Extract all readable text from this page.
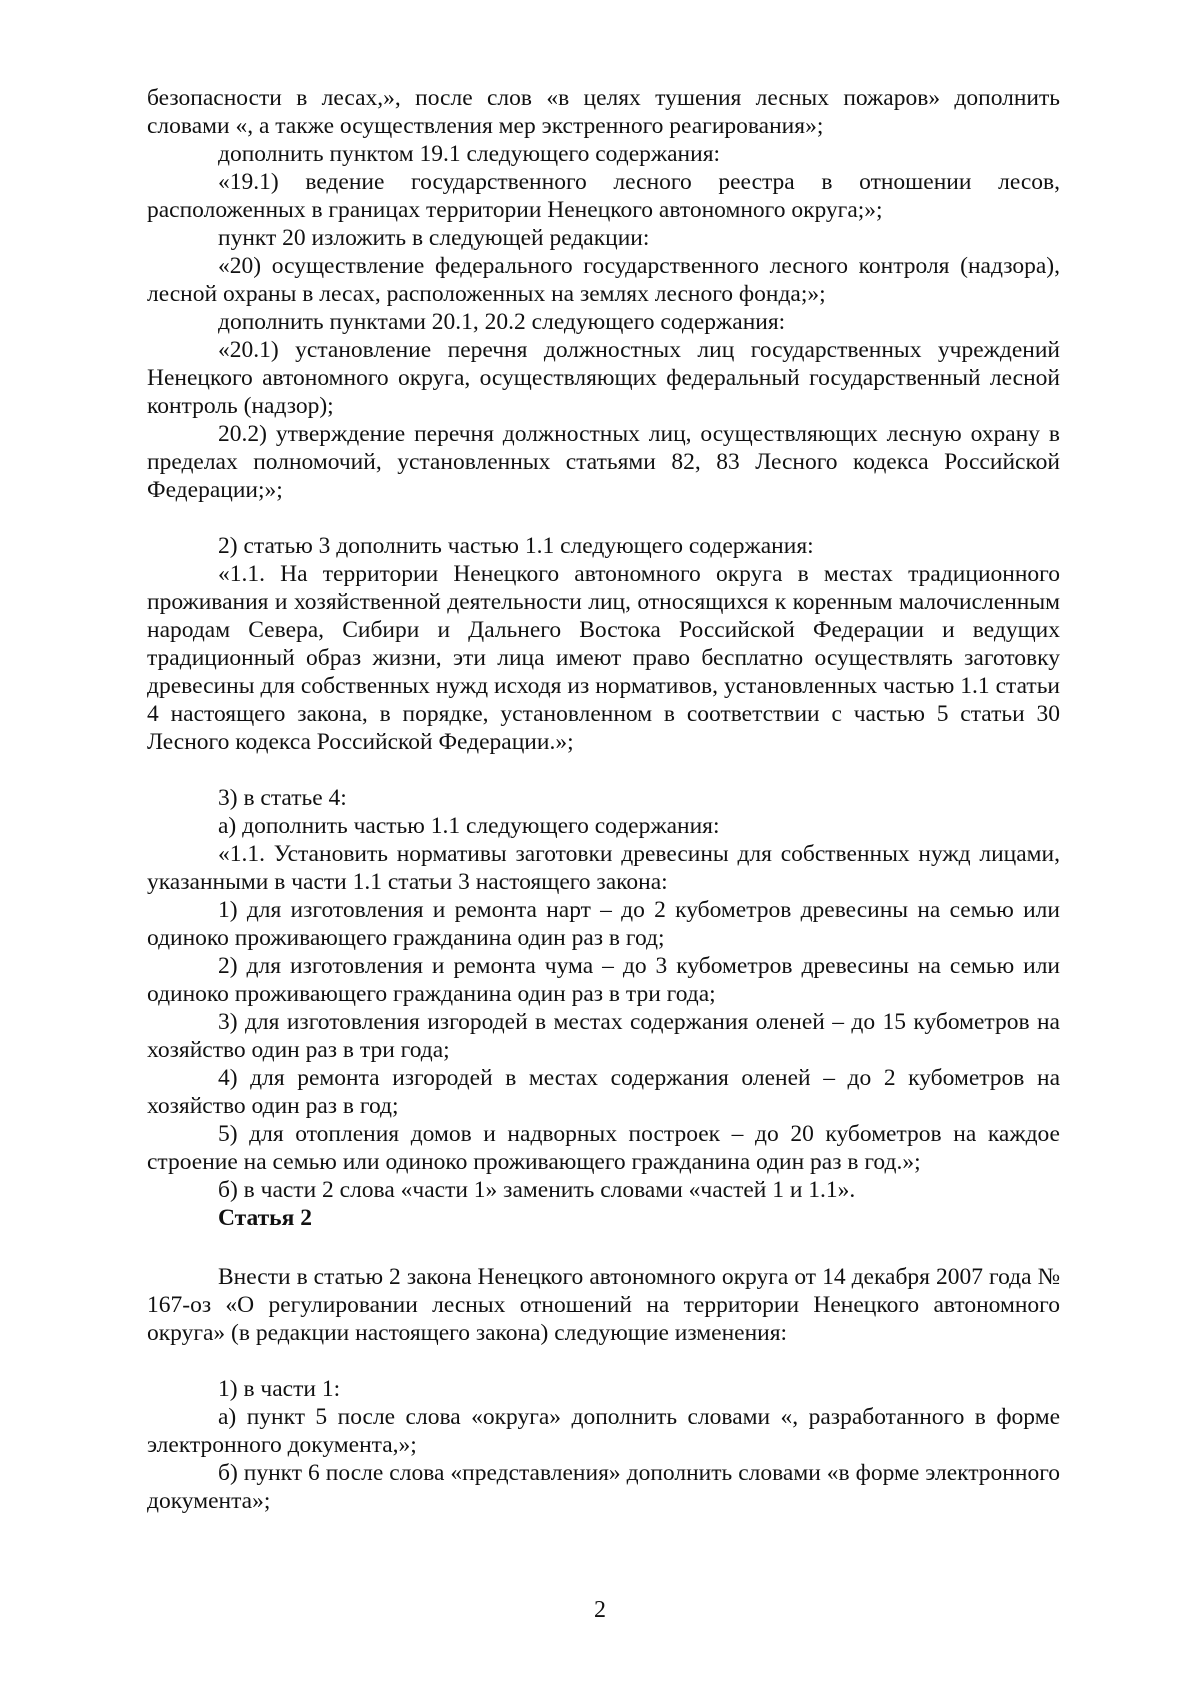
безопасности в лесах,», после слов «в целях тушения лесных пожаров» дополнить словами «, а также осуществления мер экстренного реагирования»;

дополнить пунктом 19.1 следующего содержания:

«19.1) ведение государственного лесного реестра в отношении лесов, расположенных в границах территории Ненецкого автономного округа;»;

пункт 20 изложить в следующей редакции:

«20) осуществление федерального государственного лесного контроля (надзора), лесной охраны в лесах, расположенных на землях лесного фонда;»;

дополнить пунктами 20.1, 20.2 следующего содержания:

«20.1) установление перечня должностных лиц государственных учреждений Ненецкого автономного округа, осуществляющих федеральный государственный лесной контроль (надзор);

20.2) утверждение перечня должностных лиц, осуществляющих лесную охрану в пределах полномочий, установленных статьями 82, 83 Лесного кодекса Российской Федерации;»;

2) статью 3 дополнить частью 1.1 следующего содержания:

«1.1. На территории Ненецкого автономного округа в местах традиционного проживания и хозяйственной деятельности лиц, относящихся к коренным малочисленным народам Севера, Сибири и Дальнего Востока Российской Федерации и ведущих традиционный образ жизни, эти лица имеют право бесплатно осуществлять заготовку древесины для собственных нужд исходя из нормативов, установленных частью 1.1 статьи 4 настоящего закона, в порядке, установленном в соответствии с частью 5 статьи 30 Лесного кодекса Российской Федерации.»;

3) в статье 4:

а) дополнить частью 1.1 следующего содержания:

«1.1. Установить нормативы заготовки древесины для собственных нужд лицами, указанными в части 1.1 статьи 3 настоящего закона:

1) для изготовления и ремонта нарт – до 2 кубометров древесины на семью или одиноко проживающего гражданина один раз в год;

2) для изготовления и ремонта чума – до 3 кубометров древесины на семью или одиноко проживающего гражданина один раз в три года;

3) для изготовления изгородей в местах содержания оленей – до 15 кубометров на хозяйство один раз в три года;

4) для ремонта изгородей в местах содержания оленей – до 2 кубометров на хозяйство один раз в год;

5) для отопления домов и надворных построек – до 20 кубометров на каждое строение на семью или одиноко проживающего гражданина один раз в год.»;

б) в части 2 слова «части 1» заменить словами «частей 1 и 1.1».

Статья 2

Внести в статью 2 закона Ненецкого автономного округа от 14 декабря 2007 года № 167-оз «О регулировании лесных отношений на территории Ненецкого автономного округа» (в редакции настоящего закона) следующие изменения:

1) в части 1:

а) пункт 5 после слова «округа» дополнить словами «, разработанного в форме электронного документа,»;

б) пункт 6 после слова «представления» дополнить словами «в форме электронного документа»;

2
